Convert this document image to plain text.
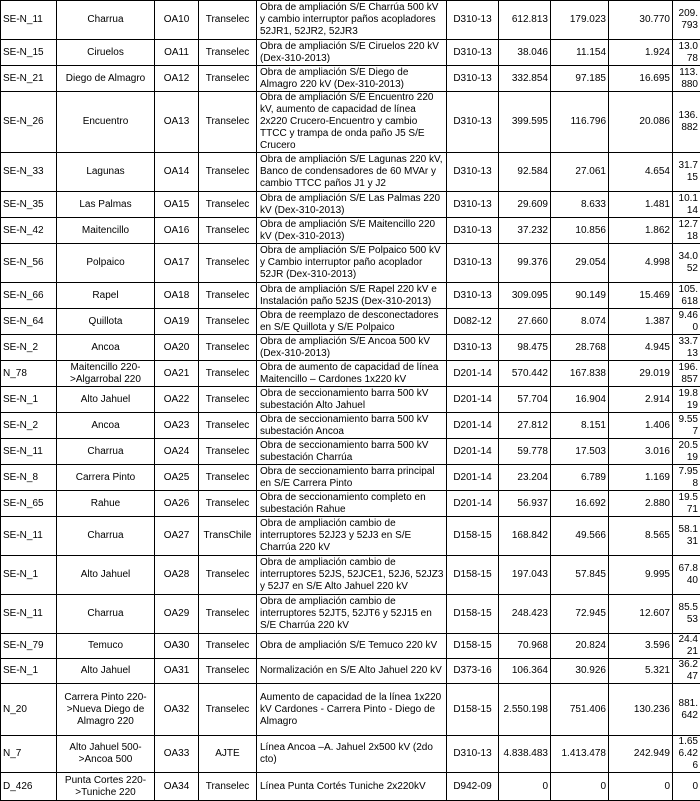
SE-N_11	Charrua	OA10	Transelec	Obra de ampliación S/E Charrúa 500 kV y cambio interruptor paños acopladores 52JR1, 52JR2, 52JR3	D310-13	612.813	179.023	30.770	209.793
SE-N_15	Ciruelos	OA11	Transelec	Obra de ampliación S/E Ciruelos 220 kV (Dex-310-2013)	D310-13	38.046	11.154	1.924	13.078
SE-N_21	Diego de Almagro	OA12	Transelec	Obra de ampliación S/E Diego de Almagro 220 kV (Dex-310-2013)	D310-13	332.854	97.185	16.695	113.880
SE-N_26	Encuentro	OA13	Transelec	Obra de ampliación S/E Encuentro 220 kV, aumento de capacidad de línea 2x220 Crucero-Encuentro y cambio TTCC y trampa de onda paño J5 S/E Crucero	D310-13	399.595	116.796	20.086	136.882
SE-N_33	Lagunas	OA14	Transelec	Obra de ampliación S/E Lagunas 220 kV, Banco de condensadores de 60 MVAr y cambio TTCC paños J1 y J2	D310-13	92.584	27.061	4.654	31.715
SE-N_35	Las Palmas	OA15	Transelec	Obra de ampliación S/E Las Palmas 220 kV (Dex-310-2013)	D310-13	29.609	8.633	1.481	10.114
SE-N_42	Maitencillo	OA16	Transelec	Obra de ampliación S/E Maitencillo 220 kV (Dex-310-2013)	D310-13	37.232	10.856	1.862	12.718
SE-N_56	Polpaico	OA17	Transelec	Obra de ampliación S/E Polpaico 500 kV y Cambio interruptor paño acoplador 52JR (Dex-310-2013)	D310-13	99.376	29.054	4.998	34.052
SE-N_66	Rapel	OA18	Transelec	Obra de ampliación S/E Rapel 220 kV e Instalación paño 52JS (Dex-310-2013)	D310-13	309.095	90.149	15.469	105.618
SE-N_64	Quillota	OA19	Transelec	Obra de reemplazo de desconectadores en S/E Quillota y S/E Polpaico	D082-12	27.660	8.074	1.387	9.460
SE-N_2	Ancoa	OA20	Transelec	Obra de ampliación S/E Ancoa 500 kV (Dex-310-2013)	D310-13	98.475	28.768	4.945	33.713
N_78	Maitencillo 220->Algarrobal 220	OA21	Transelec	Obra de aumento de capacidad de línea Maitencillo – Cardones 1x220 kV	D201-14	570.442	167.838	29.019	196.857
SE-N_1	Alto Jahuel	OA22	Transelec	Obra de seccionamiento barra 500 kV subestación Alto Jahuel	D201-14	57.704	16.904	2.914	19.819
SE-N_2	Ancoa	OA23	Transelec	Obra de seccionamiento barra 500 kV subestación Ancoa	D201-14	27.812	8.151	1.406	9.557
SE-N_11	Charrua	OA24	Transelec	Obra de seccionamiento barra 500 kV subestación Charrúa	D201-14	59.778	17.503	3.016	20.519
SE-N_8	Carrera Pinto	OA25	Transelec	Obra de seccionamiento barra principal en S/E Carrera Pinto	D201-14	23.204	6.789	1.169	7.958
SE-N_65	Rahue	OA26	Transelec	Obra de seccionamiento completo en subestación Rahue	D201-14	56.937	16.692	2.880	19.571
SE-N_11	Charrua	OA27	TransChile	Obra de ampliación cambio de interruptores 52J23 y 52J3 en S/E Charrúa 220 kV	D158-15	168.842	49.566	8.565	58.131
SE-N_1	Alto Jahuel	OA28	Transelec	Obra de ampliación cambio de interruptores 52JS, 52JCE1, 52J6, 52JZ3 y 52J7 en S/E Alto Jahuel 220 kV	D158-15	197.043	57.845	9.995	67.840
SE-N_11	Charrua	OA29	Transelec	Obra de ampliación cambio de interruptores 52JT5, 52JT6 y 52J15 en S/E Charrúa 220 kV	D158-15	248.423	72.945	12.607	85.553
SE-N_79	Temuco	OA30	Transelec	Obra de ampliación S/E Temuco 220 kV	D158-15	70.968	20.824	3.596	24.421
SE-N_1	Alto Jahuel	OA31	Transelec	Normalización en S/E Alto Jahuel 220 kV	D373-16	106.364	30.926	5.321	36.247
N_20	Carrera Pinto 220->Nueva Diego de Almagro 220	OA32	Transelec	Aumento de capacidad de la línea 1x220 kV Cardones - Carrera Pinto - Diego de Almagro	D158-15	2.550.198	751.406	130.236	881.642
N_7	Alto Jahuel 500->Ancoa 500	OA33	AJTE	Línea Ancoa –A. Jahuel 2x500 kV (2do cto)	D310-13	4.838.483	1.413.478	242.949	1.656.426
D_426	Punta Cortes 220->Tuniche 220	OA34	Transelec	Línea Punta Cortés Tuniche 2x220kV	D942-09	0	0	0	0
